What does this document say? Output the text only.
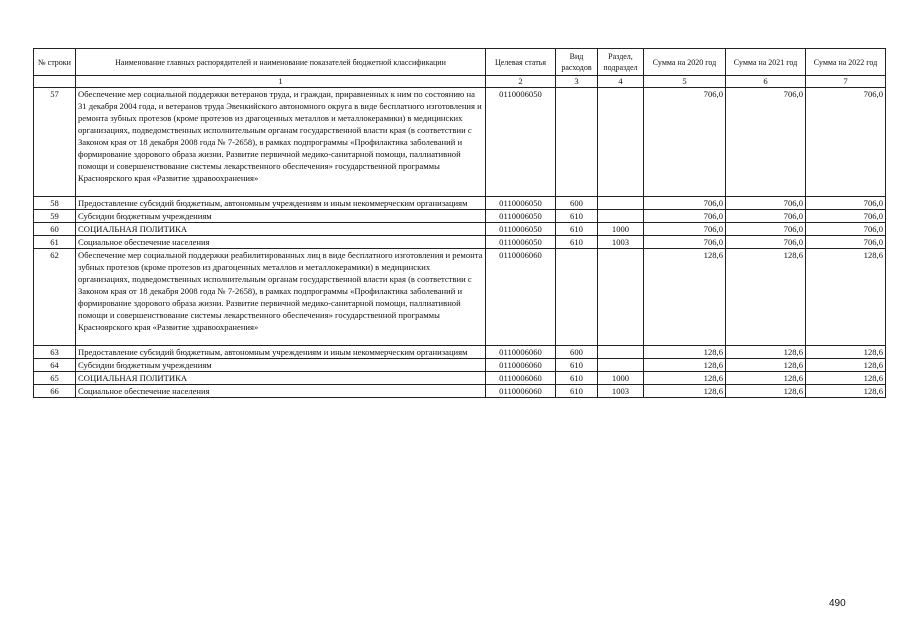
№ строки	Наименование главных распорядителей и наименование показателей бюджетной классификации	Целевая статья	Вид расходов	Раздел, подраздел	Сумма на 2020 год	Сумма на 2021 год	Сумма на 2022 год
	1	2	3	4	5	6	7
57	Обеспечение мер социальной поддержки ветеранов труда, и граждан, приравненных к ним по состоянию на 31 декабря 2004 года, и ветеранов труда Эвенкийского автономного округа в виде бесплатного изготовления и ремонта зубных протезов (кроме протезов из драгоценных металлов и металлокерамики) в медицинских организациях, подведомственных исполнительным органам государственной власти края (в соответствии с Законом края от 18 декабря 2008 года № 7-2658), в рамках подпрограммы «Профилактика заболеваний и формирование здорового образа жизни. Развитие первичной медико-санитарной помощи, паллиативной помощи и совершенствование системы лекарственного обеспечения» государственной программы Красноярского края «Развитие здравоохранения»	0110006050			706,0	706,0	706,0
58	Предоставление субсидий бюджетным, автономным учреждениям и иным некоммерческим организациям	0110006050	600		706,0	706,0	706,0
59	Субсидии бюджетным учреждениям	0110006050	610		706,0	706,0	706,0
60	СОЦИАЛЬНАЯ ПОЛИТИКА	0110006050	610	1000	706,0	706,0	706,0
61	Социальное обеспечение населения	0110006050	610	1003	706,0	706,0	706,0
62	Обеспечение мер социальной поддержки реабилитированных лиц в виде бесплатного изготовления и ремонта зубных протезов (кроме протезов из драгоценных металлов и металлокерамики) в медицинских организациях, подведомственных исполнительным органам государственной власти края (в соответствии с Законом края от 18 декабря 2008 года № 7-2658), в рамках подпрограммы «Профилактика заболеваний и формирование здорового образа жизни. Развитие первичной медико-санитарной помощи, паллиативной помощи и совершенствование системы лекарственного обеспечения» государственной программы Красноярского края «Развитие здравоохранения»	0110006060			128,6	128,6	128,6
63	Предоставление субсидий бюджетным, автономным учреждениям и иным некоммерческим организациям	0110006060	600		128,6	128,6	128,6
64	Субсидии бюджетным учреждениям	0110006060	610		128,6	128,6	128,6
65	СОЦИАЛЬНАЯ ПОЛИТИКА	0110006060	610	1000	128,6	128,6	128,6
66	Социальное обеспечение населения	0110006060	610	1003	128,6	128,6	128,6
490
